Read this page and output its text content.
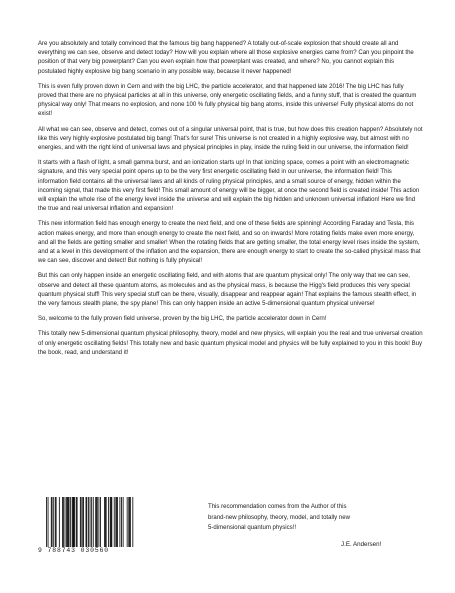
Are you absolutely and totally convinced that the famous big bang happened? A totally out-of-scale explosion that should create all and everything we can see, observe and detect today? How will you explain where all those explosive energies came from? Can you pinpoint the position of that very big powerplant? Can you even explain how that powerplant was created, and where? No, you cannot explain this postulated highly explosive big bang scenario in any possible way, because it never happened!

This is even fully proven down in Cern and with the big LHC, the particle accelerator, and that happened late 2016! The big LHC has fully proved that there are no physical particles at all in this universe, only energetic oscillating fields, and a funny stuff, that is created the quantum physical way only! That means no explosion, and none 100 % fully physical big bang atoms, inside this universe! Fully physical atoms do not exist!

All what we can see, observe and detect, comes out of a singular universal point, that is true, but how does this creation happen? Absolutely not like this very highly explosive postulated big bang! That's for sure! This universe is not created in a highly explosive way, but almost with no energies, and with the right kind of universal laws and physical principles in play, inside the ruling field in our universe, the information field!

It starts with a flash of light, a small gamma burst, and an ionization starts up! In that ionizing space, comes a point with an electromagnetic signature, and this very special point opens up to be the very first energetic oscillating field in our universe, the information field! This information field contains all the universal laws and all kinds of ruling physical principles, and a small source of energy, hidden within the incoming signal, that made this very first field! This small amount of energy will be bigger, at once the second field is created inside! This action will explain the whole rise of the energy level inside the universe and will explain the big hidden and unknown universal inflation! Here we find the true and real universal inflation and expansion!

This new information field has enough energy to create the next field, and one of these fields are spinning! According Faraday and Tesla, this action makes energy, and more than enough energy to create the next field, and so on inwards! More rotating fields make even more energy, and all the fields are getting smaller and smaller! When the rotating fields that are getting smaller, the total energy level rises inside the system, and at a level in this development of the inflation and the expansion, there are enough energy to start to create the so-called physical mass that we can see, discover and detect! But nothing is fully physical!

But this can only happen inside an energetic oscillating field, and with atoms that are quantum physical only! The only way that we can see, observe and detect all these quantum atoms, as molecules and as the physical mass, is because the Higg's field produces this very special quantum physical stuff! This very special stuff can be there, visually, disappear and reappear again! That explains the famous stealth effect, in the very famous stealth plane, the spy plane! This can only happen inside an active 5-dimensional quantum physical universe!

So, welcome to the fully proven field universe, proven by the big LHC, the particle accelerator down in Cern!

This totally new 5-dimensional quantum physical philosophy, theory, model and new physics, will explain you the real and true universal creation of only energetic oscillating fields! This totally new and basic quantum physical model and physics will be fully explained to you in this book! Buy the book, read, and understand it!

9 788743 030560
This recommendation comes from the Author of this
brand-new philosophy, theory, model, and totally new
5-dimensional quantum physics!!
J.E. Andersen!
